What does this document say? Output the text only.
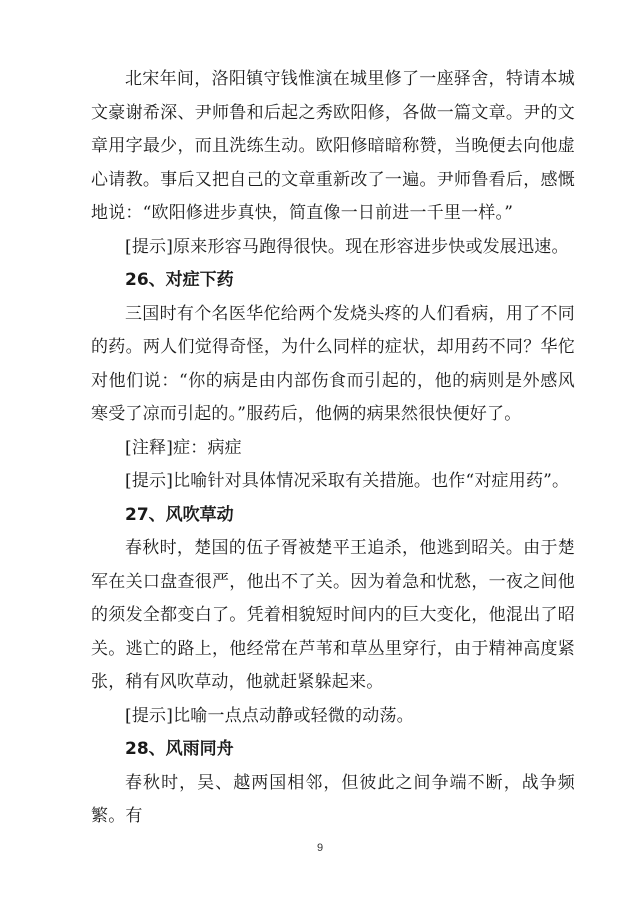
北宋年间，洛阳镇守钱惟演在城里修了一座驿舍，特请本城文豪谢希深、尹师鲁和后起之秀欧阳修，各做一篇文章。尹的文章用字最少，而且洗练生动。欧阳修暗暗称赞，当晚便去向他虚心请教。事后又把自己的文章重新改了一遍。尹师鲁看后，感慨地说：“欧阳修进步真快，简直像一日前进一千里一样。”

[提示]原来形容马跑得很快。现在形容进步快或发展迅速。

26、对症下药

三国时有个名医华佗给两个发烧头疼的人们看病，用了不同的药。两人们觉得奇怪，为什么同样的症状，却用药不同？华佗对他们说：“你的病是由内部伤食而引起的，他的病则是外感风寒受了凉而引起的。”服药后，他俩的病果然很快便好了。

[注释]症：病症

[提示]比喻针对具体情况采取有关措施。也作“对症用药”。

27、风吹草动

春秋时，楚国的伍子胥被楚平王追杀，他逃到昭关。由于楚军在关口盘查很严，他出不了关。因为着急和忧愁，一夜之间他的须发全都变白了。凭着相貌短时间内的巨大变化，他混出了昭关。逃亡的路上，他经常在芦苇和草丛里穿行，由于精神高度紧张，稍有风吹草动，他就赶紧躲起来。

[提示]比喻一点点动静或轻微的动荡。

28、风雨同舟

春秋时，吴、越两国相邻，但彼此之间争端不断，战争频繁。有

9
